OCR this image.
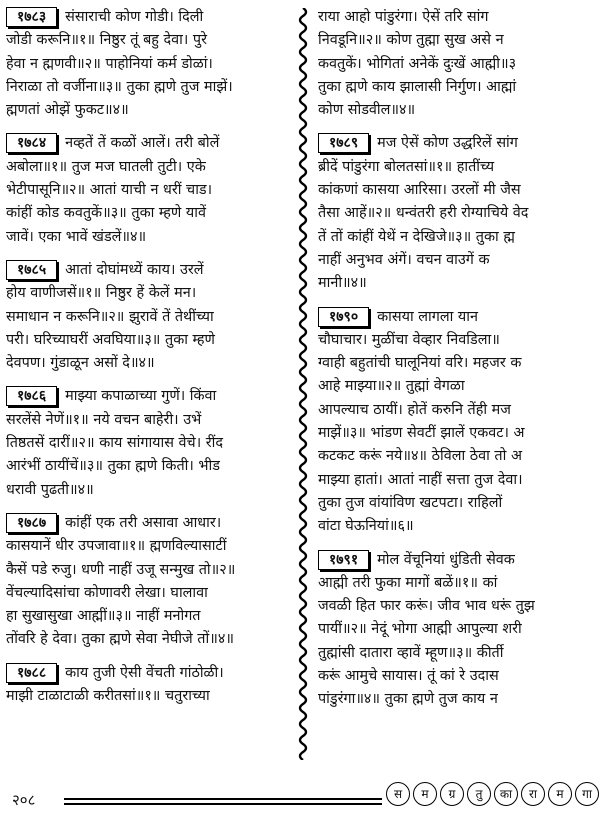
१७८३ संसाराची कोण गोडी। दिली
जोडी करूनि॥१॥ निष्ठुर तूं बहु देवा। पुरे
हेवा न ह्मणवी॥२॥ पाहोनियां कर्म डोळां।
निराळा तो वर्जीना॥३॥ तुका ह्मणे तुज माझें।
ह्मणतां ओझें फुकट॥४॥
१७८४ नव्हतें तें कळों आलें। तरी बोलें
अबोला॥१॥ तुज मज घातली तुटी। एके
भेटीपासूनि॥२॥ आतां याची न धरीं चाड।
कांहीं कोड कवतुकें॥३॥ तुका म्हणे यावें
जावें। एका भावें खंडलें॥४॥
१७८५ आतां दोघांमध्यें काय। उरलें
होय वाणीजसें॥१॥ निष्ठुर हें केलें मन।
समाधान न करूनि॥२॥ झुरावें तें तेथींच्या
परी। घरिच्याघरीं अवघिया॥३॥ तुका म्हणे
देवपण। गुंडाळून असों दे॥४॥
१७८६ माझ्या कपाळाच्या गुणें। किंवा
सरलेंसे नेणें॥१॥ नये वचन बाहेरी। उभें
तिष्ठतसें दारीं॥२॥ काय सांगायास वेचे। रींद
आरंभीं ठायींचें॥३॥ तुका ह्मणे किती। भीड
धरावी पुढती॥४॥
१७८७ कांहीं एक तरी असावा आधार।
कासयानें धीर उपजावा॥१॥ ह्मणविल्यासाटीं
कैसें पडे रुजु। धणी नाहीं उजू सन्मुख तो॥२॥
वेंचल्यादिसांचा कोणावरी लेखा। घालावा
हा सुखासुखा आह्मीं॥३॥ नाहीं मनोगत
तोंवरि हे देवा। तुका ह्मणे सेवा नेघीजे तों॥४॥
१७८८ काय तुजी ऐसी वेंचती गांठोळी।
माझी टाळाटाळी करीतसां॥१॥ चतुराच्या
राया आहो पांडुरंगा। ऐसें तरि सांग
निवडूनि॥२॥ कोण तुह्मा सुख असे न
कवतुकें। भोगितां अनेकें दुःखें आह्मी॥३
तुका ह्मणे काय झालासी निर्गुण। आह्मां
कोण सोडवील॥४॥
१७८९ मज ऐसें कोण उद्धरिलें सांग
ब्रीदें पांडुरंगा बोलतसां॥१॥ हातींच्य
कांकणां कासया आरिसा। उरलों मी जैस
तैसा आहें॥२॥ धन्वंतरी हरी रोग्याचिये वेद
तें तों कांहीं येथें न देखिजे॥३॥ तुका ह्म
नाहीं अनुभव अंगें। वचन वाउगें क
मानी॥४॥
१७९० कासया लागला यान
चौघाचार। मुळींचा वेव्हार निवडिला॥
ग्वाही बहुतांची घालूनियां वरि। महजर क
आहे माझ्या॥२॥ तुह्मां वेगळा
आपल्याच ठायीं। होतें करुनि तेंही मज
माझें॥३॥ भांडण सेवटीं झालें एकवट। अ
कटकट करूं नये॥४॥ ठेविला ठेवा तो अ
माझ्या हातां। आतां नाहीं सत्ता तुज देवा।
तुका तुज वांयांविण खटपटा। राहिलों
वांटा घेऊनियां॥६॥
१७९१ मोल वेंचूनियां धुंडिती सेवक
आह्मी तरी फुका मागों बळें॥१॥ कां
जवळी हित फार करूं। जीव भाव धरूं तुझ
पायीं॥२॥ नेदूं भोगा आह्मी आपुल्या शरी
तुह्मांसी दातारा व्हावें म्हूण॥३॥ कीर्ती
करूं आमुचे सायास। तूं कां रे उदास
पांडुरंगा॥४॥ तुका ह्मणे तुज काय न
२०८	स	म	ग्र	तु	का	रा	म	गा
